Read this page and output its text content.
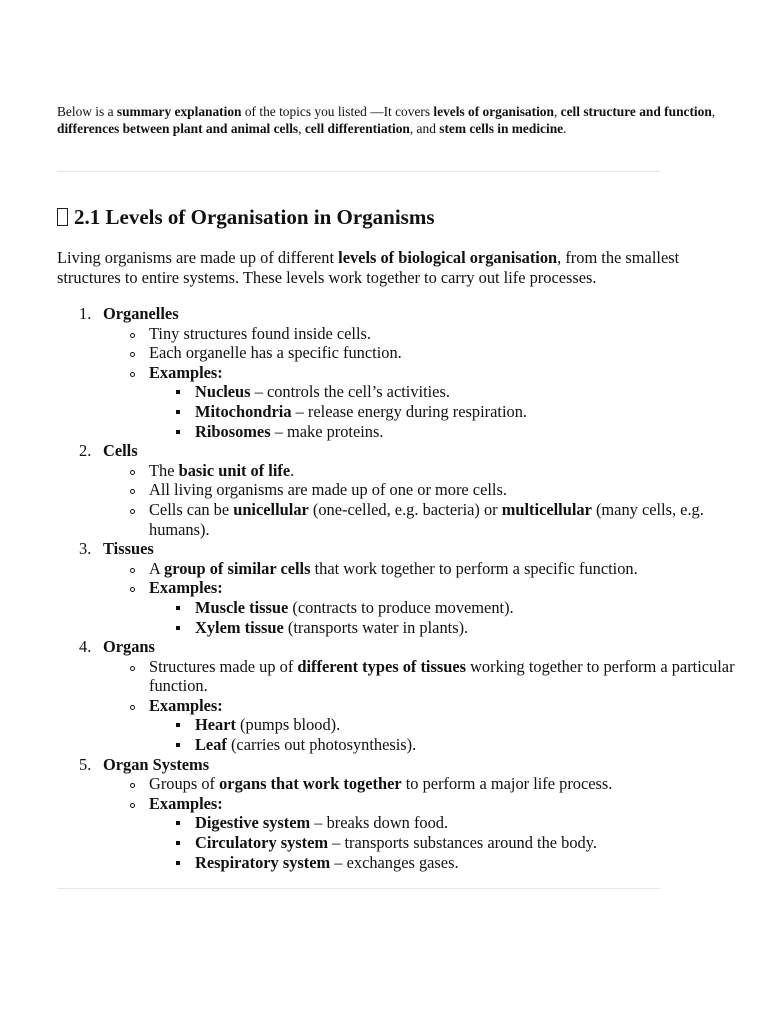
Below is a summary explanation of the topics you listed —It covers levels of organisation, cell structure and function, differences between plant and animal cells, cell differentiation, and stem cells in medicine.

2.1 Levels of Organisation in Organisms

Living organisms are made up of different levels of biological organisation, from the smallest structures to entire systems. These levels work together to carry out life processes.

1. Organelles
Tiny structures found inside cells.
Each organelle has a specific function.
Examples:
Nucleus – controls the cell’s activities.
Mitochondria – release energy during respiration.
Ribosomes – make proteins.
2. Cells
The basic unit of life.
All living organisms are made up of one or more cells.
Cells can be unicellular (one-celled, e.g. bacteria) or multicellular (many cells, e.g. humans).
3. Tissues
A group of similar cells that work together to perform a specific function.
Examples:
Muscle tissue (contracts to produce movement).
Xylem tissue (transports water in plants).
4. Organs
Structures made up of different types of tissues working together to perform a particular function.
Examples:
Heart (pumps blood).
Leaf (carries out photosynthesis).
5. Organ Systems
Groups of organs that work together to perform a major life process.
Examples:
Digestive system – breaks down food.
Circulatory system – transports substances around the body.
Respiratory system – exchanges gases.
